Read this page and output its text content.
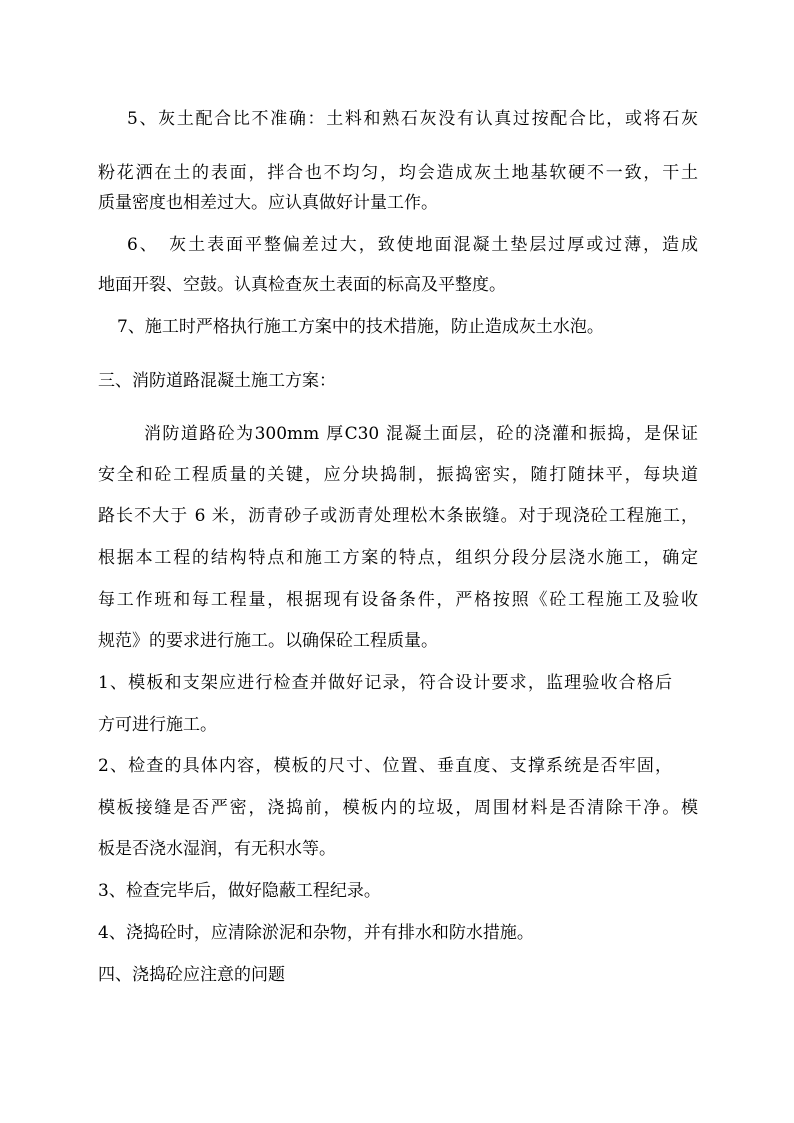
5、灰土配合比不准确：土料和熟石灰没有认真过按配合比，或将石灰
粉花洒在土的表面，拌合也不均匀，均会造成灰土地基软硬不一致，干土
质量密度也相差过大。应认真做好计量工作。
6、　灰土表面平整偏差过大，致使地面混凝土垫层过厚或过薄，造成
地面开裂、空鼓。认真检查灰土表面的标高及平整度。
7、施工时严格执行施工方案中的技术措施，防止造成灰土水泡。
三、消防道路混凝土施工方案：
消防道路砼为300mm 厚C30 混凝土面层，砼的浇灌和振捣，是保证
安全和砼工程质量的关键，应分块捣制，振捣密实，随打随抹平，每块道
路长不大于 6 米，沥青砂子或沥青处理松木条嵌缝。对于现浇砼工程施工，
根据本工程的结构特点和施工方案的特点，组织分段分层浇水施工，确定
每工作班和每工程量，根据现有设备条件，严格按照《砼工程施工及验收
规范》的要求进行施工。以确保砼工程质量。
1、模板和支架应进行检查并做好记录，符合设计要求，监理验收合格后
方可进行施工。
2、检查的具体内容，模板的尺寸、位置、垂直度、支撑系统是否牢固，
模板接缝是否严密，浇捣前，模板内的垃圾，周围材料是否清除干净。模
板是否浇水湿润，有无积水等。
3、检查完毕后，做好隐蔽工程纪录。
4、浇捣砼时，应清除淤泥和杂物，并有排水和防水措施。
四、浇捣砼应注意的问题
